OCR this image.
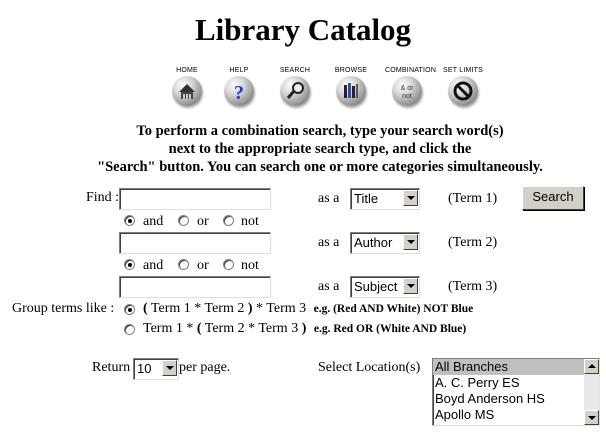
Library Catalog
HOME	HELP
?
SEARCH	BROWSE	COMBINATION
& or
not
SET LIMITS
To perform a combination search, type your search word(s)
next to the appropriate search type, and click the
"Search" button. You can search one or more categories simultaneously.
Find :	as a Title	(Term 1)	Search
and or not
as a Author	(Term 2)
and or not
as a Subject	(Term 3)
Group terms like : ( Term 1 * Term 2 ) * Term 3 e.g. (Red AND White) NOT Blue
Term 1 * ( Term 2 * Term 3 ) e.g. Red OR (White AND Blue)
Return 10 per page.	Select Location(s) All Branches
A. C. Perry ES
Boyd Anderson HS
Apollo MS
